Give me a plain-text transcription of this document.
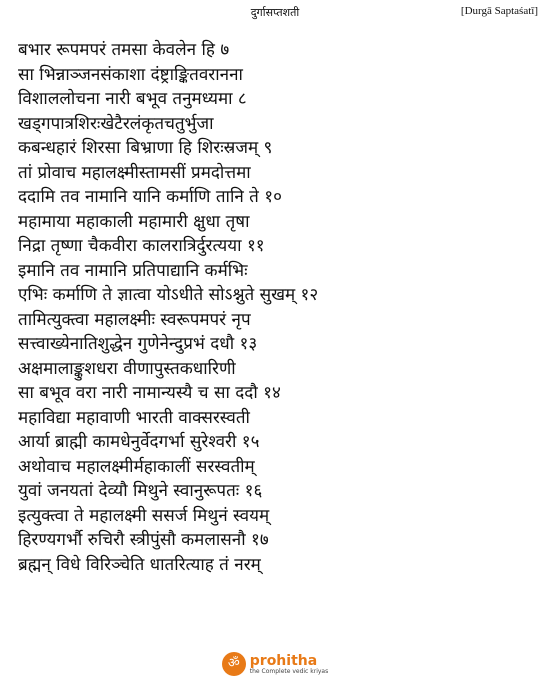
दुर्गासप्तशती	[Durgā Saptaśatī]
बभार रूपमपरं तमसा केवलेन हि ७
सा भिन्नाञ्जनसंकाशा दंष्ट्राङ्कितवरानना
विशाललोचना नारी बभूव तनुमध्यमा ८
खड्गपात्रशिरःखेटैरलंकृतचतुर्भुजा
कबन्धहारं शिरसा बिभ्राणा हि शिरःस्रजम् ९
तां प्रोवाच महालक्ष्मीस्तामसीं प्रमदोत्तमा
ददामि तव नामानि यानि कर्माणि तानि ते १०
महामाया महाकाली महामारी क्षुधा तृषा
निद्रा तृष्णा चैकवीरा कालरात्रिर्दुरत्यया ११
इमानि तव नामानि प्रतिपाद्यानि कर्मभिः
एभिः कर्माणि ते ज्ञात्वा योऽधीते सोऽश्नुते सुखम् १२
तामित्युक्त्वा महालक्ष्मीः स्वरूपमपरं नृप
सत्त्वाख्येनातिशुद्धेन गुणेनेन्दुप्रभं दधौ १३
अक्षमालाङ्कुशधरा वीणापुस्तकधारिणी
सा बभूव वरा नारी नामान्यस्यै च सा ददौ १४
महाविद्या महावाणी भारती वाक्सरस्वती
आर्या ब्राह्मी कामधेनुर्वेदगर्भा सुरेश्वरी १५
अथोवाच महालक्ष्मीर्महाकालीं सरस्वतीम्
युवां जनयतां देव्यौ मिथुने स्वानुरूपतः १६
इत्युक्त्वा ते महालक्ष्मी ससर्ज मिथुनं स्वयम्
हिरण्यगर्भौ रुचिरौ स्त्रीपुंसौ कमलासनौ १७
ब्रह्मन् विधे विरिञ्चेति धातरित्याह तं नरम्
ॐ prohitha
the Complete vedic kriyas
